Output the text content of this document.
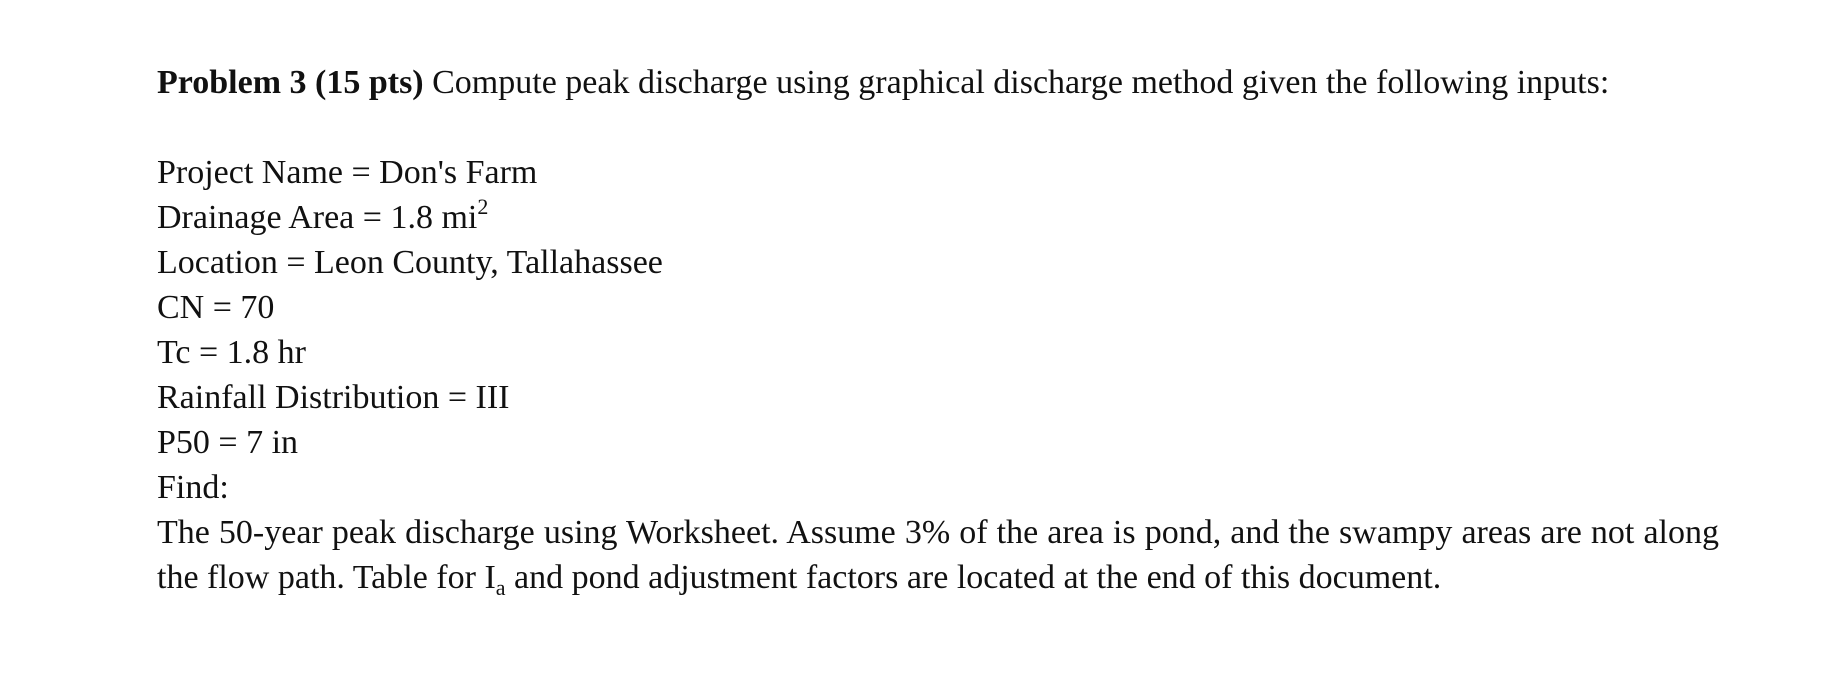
Problem 3 (15 pts) Compute peak discharge using graphical discharge method given the following inputs:

Project Name = Don's Farm
Drainage Area = 1.8 $mi^2$
Location = Leon County, Tallahassee
CN = 70
Tc = 1.8 hr
Rainfall Distribution = III
P50 = 7 in
Find:

The 50-year peak discharge using Worksheet. Assume 3% of the area is pond, and the swampy areas are not along the flow path. Table for $I_a$ and pond adjustment factors are located at the end of this document.
